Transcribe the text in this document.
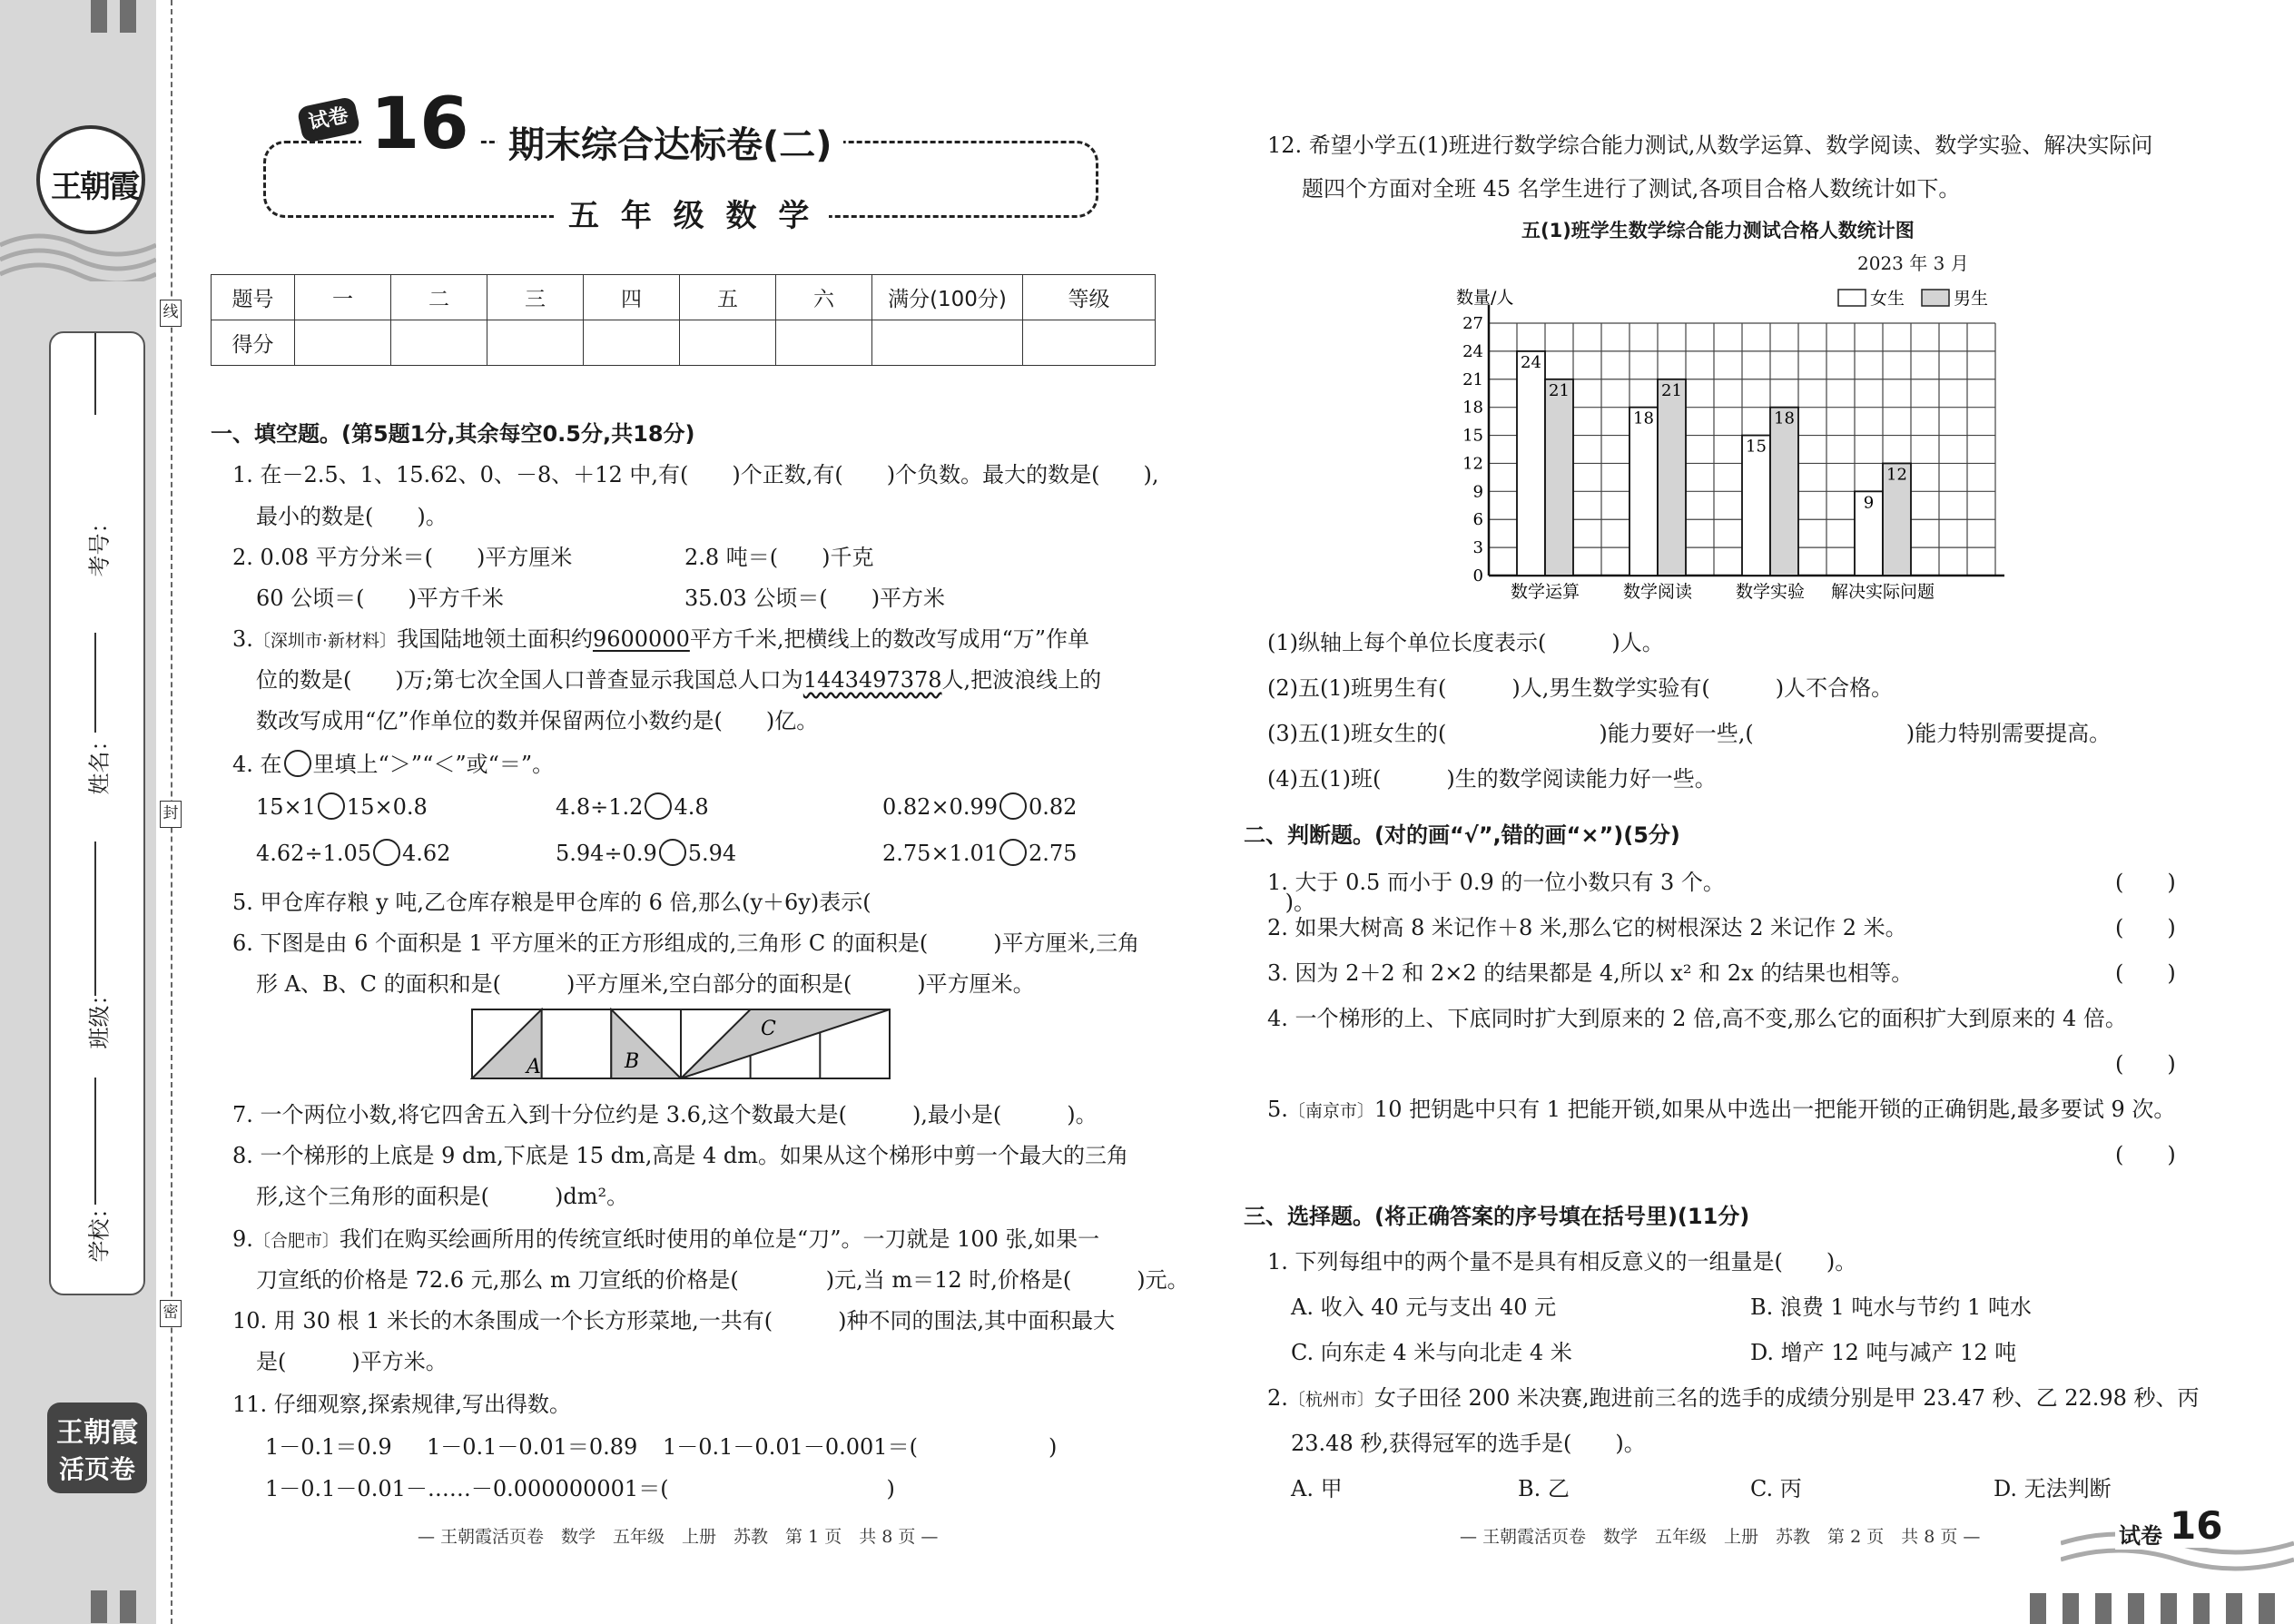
王朝霞
考号：
姓名：
班级：
学校：
王朝霞
活页卷
线
封
密
试卷 16	期末综合达标卷(二)
五 年 级 数 学
题号	一	二	三	四	五	六	满分(100分)	等级
得分								
一、填空题。(第5题1分,其余每空0.5分,共18分)
1. 在－2.5、1、15.62、0、－8、＋12 中,有(　　)个正数,有(　　)个负数。最大的数是(　　),
最小的数是(　　)。
2. 0.08 平方分米＝(　　)平方厘米	2.8 吨＝(　　)千克
60 公顷＝(　　)平方千米	35.03 公顷＝(　　)平方米
3.〔深圳市·新材料〕我国陆地领土面积约9600000平方千米,把横线上的数改写成用“万”作单
位的数是(　　)万;第七次全国人口普查显示我国总人口为1443497378人,把波浪线上的
数改写成用“亿”作单位的数并保留两位小数约是(　　)亿。
4. 在 里填上“＞”“＜”或“＝”。
15×1 15×0.8	4.8÷1.2 4.8	0.82×0.99 0.82
4.62÷1.05 4.62	5.94÷0.9 5.94	2.75×1.01 2.75
5. 甲仓库存粮 y 吨,乙仓库存粮是甲仓库的 6 倍,那么(y＋6y)表示(　　　　　　　　　　　　　　　　　　　)。
6. 下图是由 6 个面积是 1 平方厘米的正方形组成的,三角形 C 的面积是(　　　)平方厘米,三角
形 A、B、C 的面积和是(　　　)平方厘米,空白部分的面积是(　　　)平方厘米。
A	B
C
7. 一个两位小数,将它四舍五入到十分位约是 3.6,这个数最大是(　　　),最小是(　　　)。
8. 一个梯形的上底是 9 dm,下底是 15 dm,高是 4 dm。如果从这个梯形中剪一个最大的三角
形,这个三角形的面积是(　　　)dm²。
9.〔合肥市〕我们在购买绘画所用的传统宣纸时使用的单位是“刀”。一刀就是 100 张,如果一
刀宣纸的价格是 72.6 元,那么 m 刀宣纸的价格是(　　　　)元,当 m＝12 时,价格是(　　　)元。
10. 用 30 根 1 米长的木条围成一个长方形菜地,一共有(　　　)种不同的围法,其中面积最大
是(　　　)平方米。
11. 仔细观察,探索规律,写出得数。
1－0.1＝0.9 1－0.1－0.01＝0.89 1－0.1－0.01－0.001＝(　　　　　　)
1－0.1－0.01－……－0.000000001＝(　　　　　　　　　　)
— 王朝霞活页卷　数学　五年级　上册　苏教　第 1 页　共 8 页 —
12. 希望小学五(1)班进行数学综合能力测试,从数学运算、数学阅读、数学实验、解决实际问
题四个方面对全班 45 名学生进行了测试,各项目合格人数统计如下。
五(1)班学生数学综合能力测试合格人数统计图
2023 年 3 月
数量/人	女生	男生
0
3
6
9
12
15
18
21
24
27
24
21
数学运算
18
21
数学阅读
15
18
数学实验
9
12
解决实际问题
(1)纵轴上每个单位长度表示(　　　)人。
(2)五(1)班男生有(　　　)人,男生数学实验有(　　　)人不合格。
(3)五(1)班女生的(　　　　　　　)能力要好一些,(　　　　　　　)能力特别需要提高。
(4)五(1)班(　　　)生的数学阅读能力好一些。
二、判断题。(对的画“√”,错的画“×”)(5分)
1. 大于 0.5 而小于 0.9 的一位小数只有 3 个。	(　　)
2. 如果大树高 8 米记作＋8 米,那么它的树根深达 2 米记作 2 米。	(　　)
3. 因为 2＋2 和 2×2 的结果都是 4,所以 x² 和 2x 的结果也相等。	(　　)
4. 一个梯形的上、下底同时扩大到原来的 2 倍,高不变,那么它的面积扩大到原来的 4 倍。
(　　)
5.〔南京市〕10 把钥匙中只有 1 把能开锁,如果从中选出一把能开锁的正确钥匙,最多要试 9 次。
(　　)
三、选择题。(将正确答案的序号填在括号里)(11分)
1. 下列每组中的两个量不是具有相反意义的一组量是(　　)。
A. 收入 40 元与支出 40 元	B. 浪费 1 吨水与节约 1 吨水
C. 向东走 4 米与向北走 4 米	D. 增产 12 吨与减产 12 吨
2.〔杭州市〕女子田径 200 米决赛,跑进前三名的选手的成绩分别是甲 23.47 秒、乙 22.98 秒、丙
23.48 秒,获得冠军的选手是(　　)。
A. 甲	B. 乙	C. 丙	D. 无法判断
— 王朝霞活页卷　数学　五年级　上册　苏教　第 2 页　共 8 页 —	试卷 16
